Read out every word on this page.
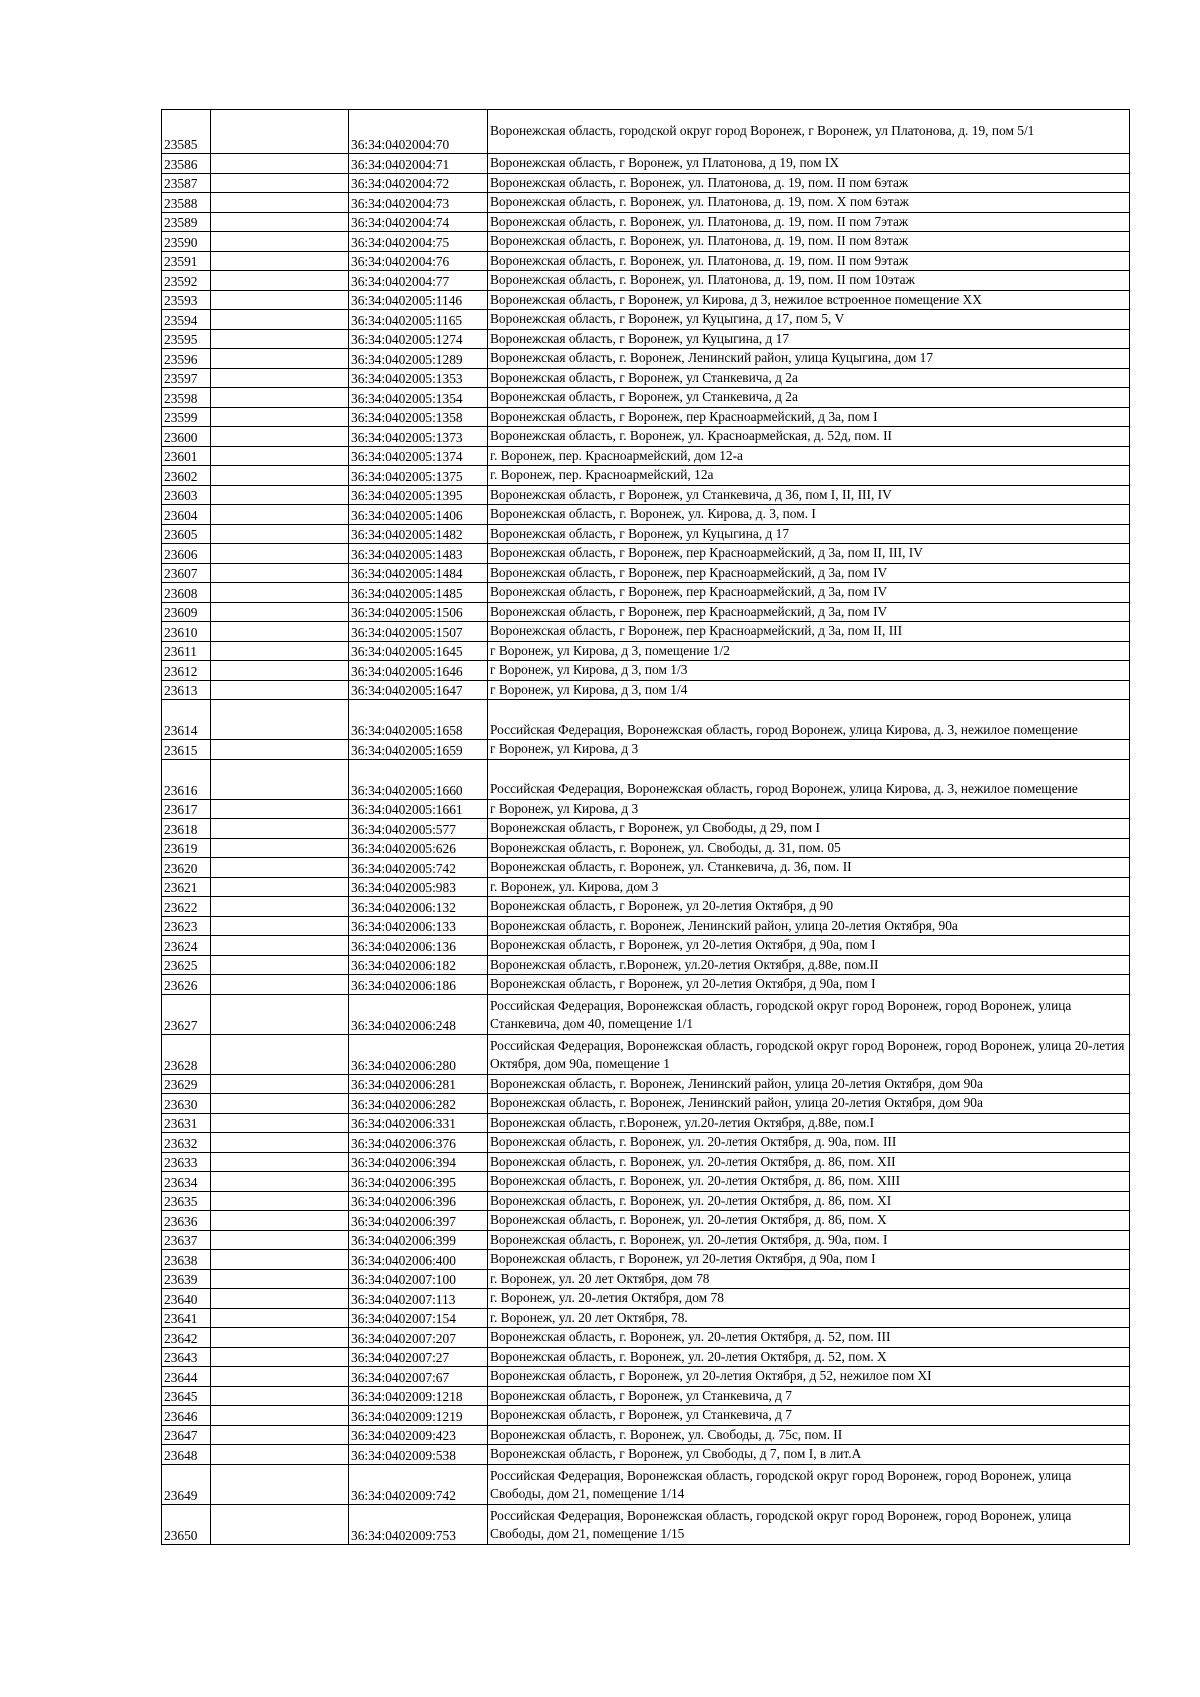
23585		36:34:0402004:70	Воронежская область, городской округ город Воронеж, г Воронеж, ул Платонова, д. 19, пом 5/1
23586		36:34:0402004:71	Воронежская область, г Воронеж, ул Платонова, д 19, пом IX
23587		36:34:0402004:72	Воронежская область, г. Воронеж, ул. Платонова, д. 19, пом. II пом 6этаж
23588		36:34:0402004:73	Воронежская область, г. Воронеж, ул. Платонова, д. 19, пом. X пом 6этаж
23589		36:34:0402004:74	Воронежская область, г. Воронеж, ул. Платонова, д. 19, пом. II пом 7этаж
23590		36:34:0402004:75	Воронежская область, г. Воронеж, ул. Платонова, д. 19, пом. II пом 8этаж
23591		36:34:0402004:76	Воронежская область, г. Воронеж, ул. Платонова, д. 19, пом. II пом 9этаж
23592		36:34:0402004:77	Воронежская область, г. Воронеж, ул. Платонова, д. 19, пом. II пом 10этаж
23593		36:34:0402005:1146	Воронежская область, г Воронеж, ул Кирова, д 3, нежилое встроенное помещение XX
23594		36:34:0402005:1165	Воронежская область, г Воронеж, ул Куцыгина, д 17, пом 5, V
23595		36:34:0402005:1274	Воронежская область, г Воронеж, ул Куцыгина, д 17
23596		36:34:0402005:1289	Воронежская область, г. Воронеж, Ленинский район, улица Куцыгина, дом 17
23597		36:34:0402005:1353	Воронежская область, г Воронеж, ул Станкевича, д 2а
23598		36:34:0402005:1354	Воронежская область, г Воронеж, ул Станкевича, д 2а
23599		36:34:0402005:1358	Воронежская область, г Воронеж, пер Красноармейский, д 3а, пом I
23600		36:34:0402005:1373	Воронежская область, г. Воронеж, ул. Красноармейская, д. 52д, пом. II
23601		36:34:0402005:1374	г. Воронеж, пер. Красноармейский, дом 12-а
23602		36:34:0402005:1375	г. Воронеж, пер. Красноармейский, 12а
23603		36:34:0402005:1395	Воронежская область, г Воронеж, ул Станкевича, д 36, пом I, II, III, IV
23604		36:34:0402005:1406	Воронежская область, г. Воронеж, ул. Кирова, д. 3, пом. I
23605		36:34:0402005:1482	Воронежская область, г Воронеж, ул Куцыгина, д 17
23606		36:34:0402005:1483	Воронежская область, г Воронеж, пер Красноармейский, д 3а, пом II, III, IV
23607		36:34:0402005:1484	Воронежская область, г Воронеж, пер Красноармейский, д 3а, пом IV
23608		36:34:0402005:1485	Воронежская область, г Воронеж, пер Красноармейский, д 3а, пом IV
23609		36:34:0402005:1506	Воронежская область, г Воронеж, пер Красноармейский, д 3а, пом IV
23610		36:34:0402005:1507	Воронежская область, г Воронеж, пер Красноармейский, д 3а, пом II, III
23611		36:34:0402005:1645	г Воронеж, ул Кирова, д 3, помещение 1/2
23612		36:34:0402005:1646	г Воронеж, ул Кирова, д 3, пом 1/3
23613		36:34:0402005:1647	г Воронеж, ул Кирова, д 3, пом 1/4
23614		36:34:0402005:1658	Российская Федерация, Воронежская область, город Воронеж, улица Кирова, д. 3, нежилое помещение
23615		36:34:0402005:1659	г Воронеж, ул Кирова, д 3
23616		36:34:0402005:1660	Российская Федерация, Воронежская область, город Воронеж, улица Кирова, д. 3, нежилое помещение
23617		36:34:0402005:1661	г Воронеж, ул Кирова, д 3
23618		36:34:0402005:577	Воронежская область, г Воронеж, ул Свободы, д 29, пом I
23619		36:34:0402005:626	Воронежская область, г. Воронеж, ул. Свободы, д. 31, пом. 05
23620		36:34:0402005:742	Воронежская область, г. Воронеж, ул. Станкевича, д. 36, пом. II
23621		36:34:0402005:983	г. Воронеж, ул. Кирова, дом 3
23622		36:34:0402006:132	Воронежская область, г Воронеж, ул 20-летия Октября, д 90
23623		36:34:0402006:133	Воронежская область, г. Воронеж, Ленинский район, улица 20-летия Октября, 90а
23624		36:34:0402006:136	Воронежская область, г Воронеж, ул 20-летия Октября, д 90а, пом I
23625		36:34:0402006:182	Воронежская область, г.Воронеж, ул.20-летия Октября, д.88е, пом.II
23626		36:34:0402006:186	Воронежская область, г Воронеж, ул 20-летия Октября, д 90а, пом I
23627		36:34:0402006:248	Российская Федерация, Воронежская область, городской округ город Воронеж, город Воронеж, улица Станкевича, дом 40, помещение 1/1
23628		36:34:0402006:280	Российская Федерация, Воронежская область, городской округ город Воронеж, город Воронеж, улица 20-летия Октября, дом 90а, помещение 1
23629		36:34:0402006:281	Воронежская область, г. Воронеж, Ленинский район, улица 20-летия Октября, дом 90а
23630		36:34:0402006:282	Воронежская область, г. Воронеж, Ленинский район, улица 20-летия Октября, дом 90а
23631		36:34:0402006:331	Воронежская область, г.Воронеж, ул.20-летия Октября, д.88е, пом.I
23632		36:34:0402006:376	Воронежская область, г. Воронеж, ул. 20-летия Октября, д. 90а, пом. III
23633		36:34:0402006:394	Воронежская область, г. Воронеж, ул. 20-летия Октября, д. 86, пом. XII
23634		36:34:0402006:395	Воронежская область, г. Воронеж, ул. 20-летия Октября, д. 86, пом. XIII
23635		36:34:0402006:396	Воронежская область, г. Воронеж, ул. 20-летия Октября, д. 86, пом. XI
23636		36:34:0402006:397	Воронежская область, г. Воронеж, ул. 20-летия Октября, д. 86, пом. X
23637		36:34:0402006:399	Воронежская область, г. Воронеж, ул. 20-летия Октября, д. 90а, пом. I
23638		36:34:0402006:400	Воронежская область, г Воронеж, ул 20-летия Октября, д 90а, пом I
23639		36:34:0402007:100	г. Воронеж, ул. 20 лет Октября, дом 78
23640		36:34:0402007:113	г. Воронеж, ул. 20-летия Октября, дом 78
23641		36:34:0402007:154	г. Воронеж, ул. 20 лет Октября, 78.
23642		36:34:0402007:207	Воронежская область, г. Воронеж, ул. 20-летия Октября, д. 52, пом. III
23643		36:34:0402007:27	Воронежская область, г. Воронеж, ул. 20-летия Октября, д. 52, пом. X
23644		36:34:0402007:67	Воронежская область, г Воронеж, ул 20-летия Октября, д 52, нежилое пом XI
23645		36:34:0402009:1218	Воронежская область, г Воронеж, ул Станкевича, д 7
23646		36:34:0402009:1219	Воронежская область, г Воронеж, ул Станкевича, д 7
23647		36:34:0402009:423	Воронежская область, г. Воронеж, ул. Свободы, д. 75с, пом. II
23648		36:34:0402009:538	Воронежская область, г Воронеж, ул Свободы, д 7, пом I, в лит.А
23649		36:34:0402009:742	Российская Федерация, Воронежская область, городской округ город Воронеж, город Воронеж, улица Свободы, дом 21, помещение 1/14
23650		36:34:0402009:753	Российская Федерация, Воронежская область, городской округ город Воронеж, город Воронеж, улица Свободы, дом 21, помещение 1/15
